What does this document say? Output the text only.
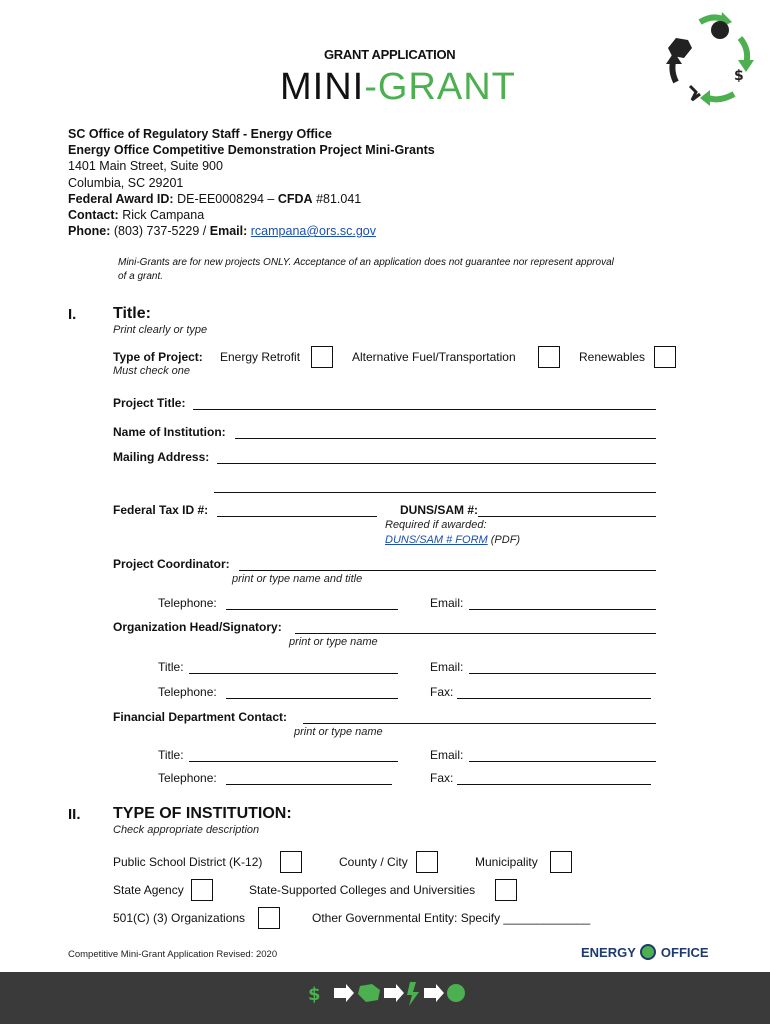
GRANT APPLICATION
MINI-GRANT	$
SC Office of Regulatory Staff - Energy Office
Energy Office Competitive Demonstration Project Mini-Grants
1401 Main Street, Suite 900
Columbia, SC 29201
Federal Award ID: DE-EE0008294 – CFDA #81.041
Contact: Rick Campana
Phone: (803) 737-5229 / Email: rcampana@ors.sc.gov
Mini-Grants are for new projects ONLY. Acceptance of an application does not guarantee nor represent approval
of a grant.
I. Title:
Print clearly or type
Type of Project:
Must check one
Energy Retrofit	Alternative Fuel/Transportation	Renewables
Project Title:
Name of Institution:
Mailing Address:
Federal Tax ID #:	DUNS/SAM #:
Required if awarded:
DUNS/SAM # FORM (PDF)
Project Coordinator:
print or type name and title
Telephone:	Email:
Organization Head/Signatory:
print or type name
Title:	Email:
Telephone:	Fax:
Financial Department Contact:
print or type name
Title:	Email:
Telephone:	Fax:
II. TYPE OF INSTITUTION:
Check appropriate description
Public School District (K-12)	County / City	Municipality
State Agency	State-Supported Colleges and Universities
501(C) (3) Organizations	Other Governmental Entity: Specify _____________
Competitive Mini-Grant Application Revised: 2020	ENERGY OFFICE
$
